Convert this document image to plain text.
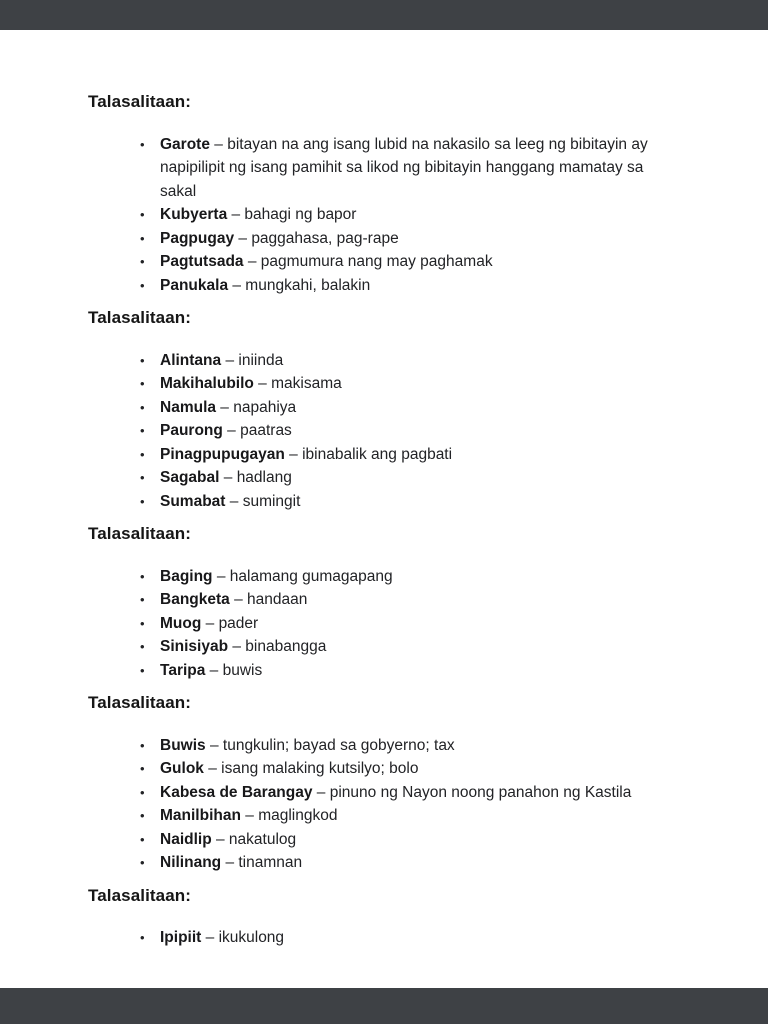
Talasalitaan:
• Garote – bitayan na ang isang lubid na nakasilo sa leeg ng bibitayin ay napipilipit ng isang pamihit sa likod ng bibitayin hanggang mamatay sa sakal
• Kubyerta – bahagi ng bapor
• Pagpugay – paggahasa, pag-rape
• Pagtutsada – pagmumura nang may paghamak
• Panukala – mungkahi, balakin
Talasalitaan:
• Alintana – iniinda
• Makihalubilo – makisama
• Namula – napahiya
• Paurong – paatras
• Pinagpupugayan – ibinabalik ang pagbati
• Sagabal – hadlang
• Sumabat – sumingit
Talasalitaan:
• Baging – halamang gumagapang
• Bangketa – handaan
• Muog – pader
• Sinisiyab – binabangga
• Taripa – buwis
Talasalitaan:
• Buwis – tungkulin; bayad sa gobyerno; tax
• Gulok – isang malaking kutsilyo; bolo
• Kabesa de Barangay – pinuno ng Nayon noong panahon ng Kastila
• Manilbihan – maglingkod
• Naidlip – nakatulog
• Nilinang – tinamnan
Talasalitaan:
• Ipipiit – ikukulong
